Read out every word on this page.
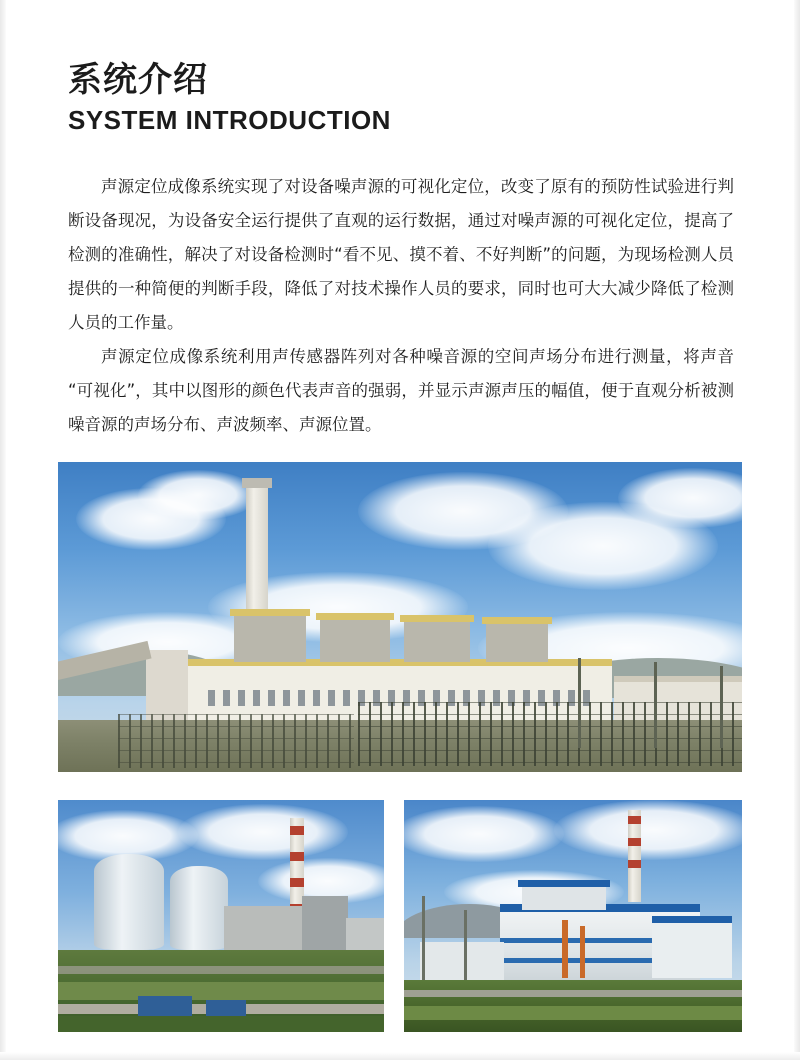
系统介绍
SYSTEM INTRODUCTION

声源定位成像系统实现了对设备噪声源的可视化定位，改变了原有的预防性试验进行判断设备现况，为设备安全运行提供了直观的运行数据，通过对噪声源的可视化定位，提高了检测的准确性，解决了对设备检测时“看不见、摸不着、不好判断”的问题，为现场检测人员提供的一种简便的判断手段，降低了对技术操作人员的要求，同时也可大大减少降低了检测人员的工作量。

声源定位成像系统利用声传感器阵列对各种噪音源的空间声场分布进行测量，将声音“可视化”，其中以图形的颜色代表声音的强弱，并显示声源声压的幅值，便于直观分析被测噪音源的声场分布、声波频率、声源位置。
